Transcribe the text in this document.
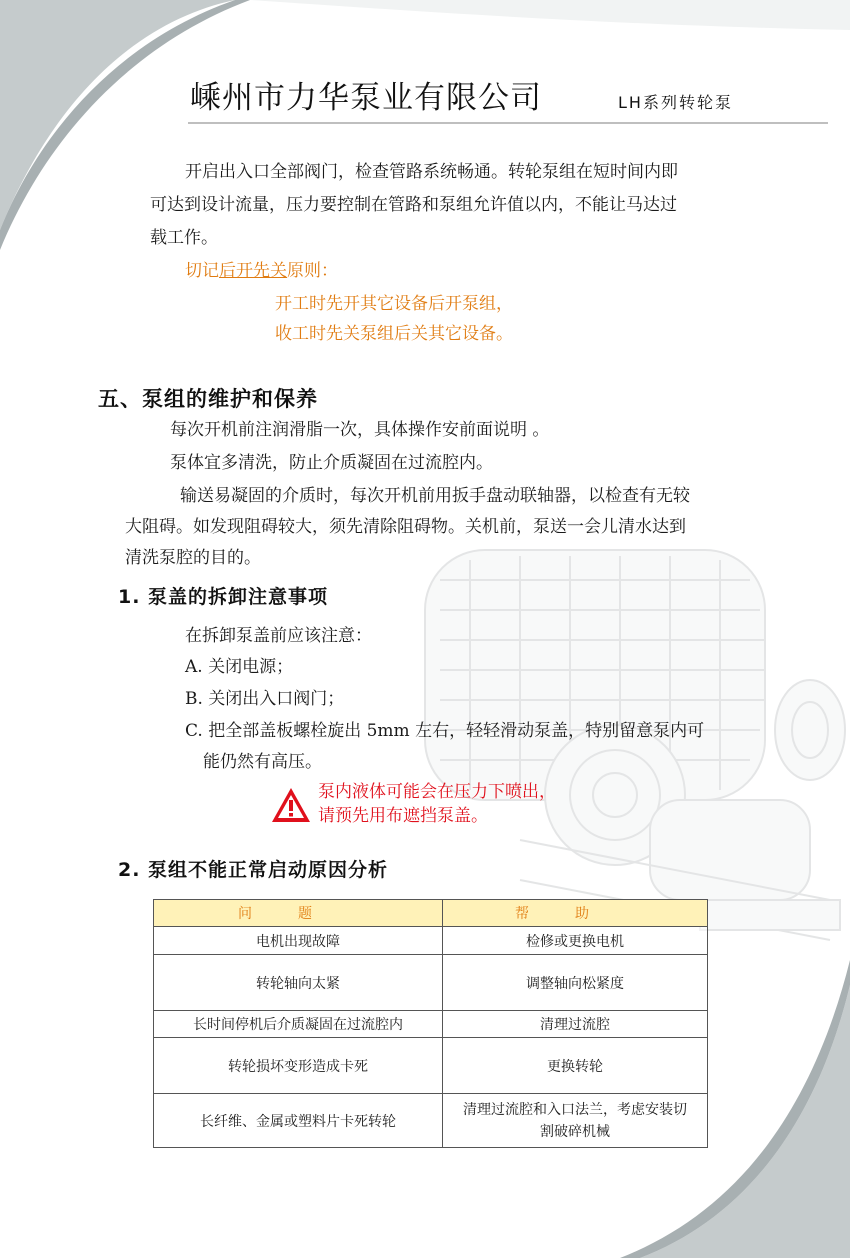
嵊州市力华泵业有限公司	LH系列转轮泵
开启出入口全部阀门，检查管路系统畅通。转轮泵组在短时间内即
可达到设计流量，压力要控制在管路和泵组允许值以内，不能让马达过
载工作。
切记后开先关原则：
开工时先开其它设备后开泵组，
收工时先关泵组后关其它设备。
五、泵组的维护和保养
每次开机前注润滑脂一次，具体操作安前面说明 。
泵体宜多清洗，防止介质凝固在过流腔内。
输送易凝固的介质时，每次开机前用扳手盘动联轴器，以检查有无较
大阻碍。如发现阻碍较大，须先清除阻碍物。关机前，泵送一会儿清水达到
清洗泵腔的目的。
1. 泵盖的拆卸注意事项
在拆卸泵盖前应该注意：
A. 关闭电源；
B. 关闭出入口阀门；
C. 把全部盖板螺栓旋出 5mm 左右，轻轻滑动泵盖，特别留意泵内可
能仍然有高压。
泵内液体可能会在压力下喷出，
请预先用布遮挡泵盖。
2. 泵组不能正常启动原因分析
问题	帮助
电机出现故障	检修或更换电机
转轮轴向太紧	调整轴向松紧度
长时间停机后介质凝固在过流腔内	清理过流腔
转轮损坏变形造成卡死	更换转轮
长纤维、金属或塑料片卡死转轮	清理过流腔和入口法兰，考虑安装切
割破碎机械
